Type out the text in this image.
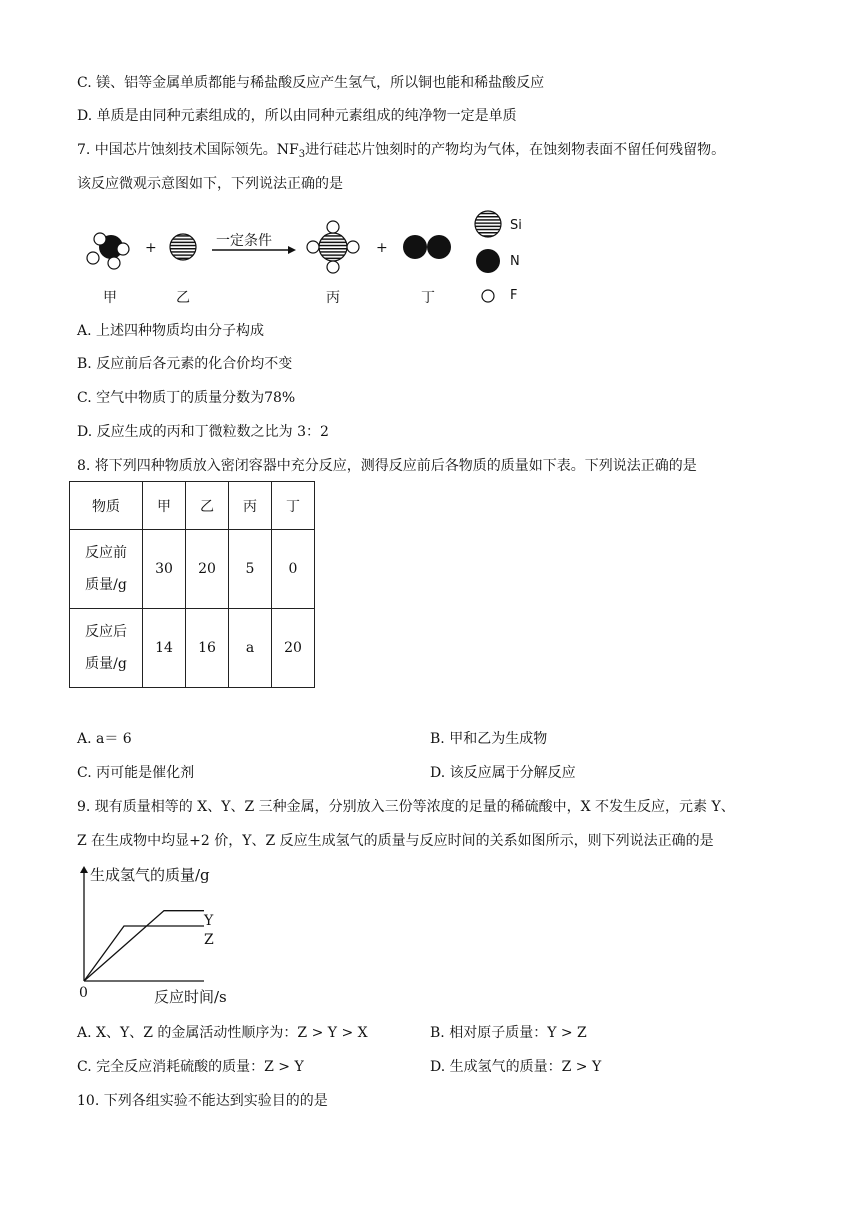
C. 镁、铝等金属单质都能与稀盐酸反应产生氢气，所以铜也能和稀盐酸反应
D. 单质是由同种元素组成的，所以由同种元素组成的纯净物一定是单质
7. 中国芯片蚀刻技术国际领先。$NF_3$进行硅芯片蚀刻时的产物均为气体，在蚀刻物表面不留任何残留物。
该反应微观示意图如下，下列说法正确的是
一定条件
+	+
甲	乙	丙	丁
Si
N
F
A. 上述四种物质均由分子构成
B. 反应前后各元素的化合价均不变
C. 空气中物质丁的质量分数为78%
D. 反应生成的丙和丁微粒数之比为 3：2
8. 将下列四种物质放入密闭容器中充分反应，测得反应前后各物质的质量如下表。下列说法正确的是
物质	甲	乙	丙	丁

反应前
质量/g	30	20	5	0

反应后
质量/g	14	16	a	20
A. a＝ 6	B. 甲和乙为生成物
C. 丙可能是催化剂	D. 该反应属于分解反应
9. 现有质量相等的 X、Y、Z 三种金属，分别放入三份等浓度的足量的稀硫酸中，X 不发生反应，元素 Y、
Z 在生成物中均显+2 价，Y、Z 反应生成氢气的质量与反应时间的关系如图所示，则下列说法正确的是
生成氢气的质量/g
0	反应时间/s
Y
Z
A. X、Y、Z 的金属活动性顺序为：Z > Y > X	B. 相对原子质量：Y > Z
C. 完全反应消耗硫酸的质量：Z > Y	D. 生成氢气的质量：Z > Y
10. 下列各组实验不能达到实验目的的是
